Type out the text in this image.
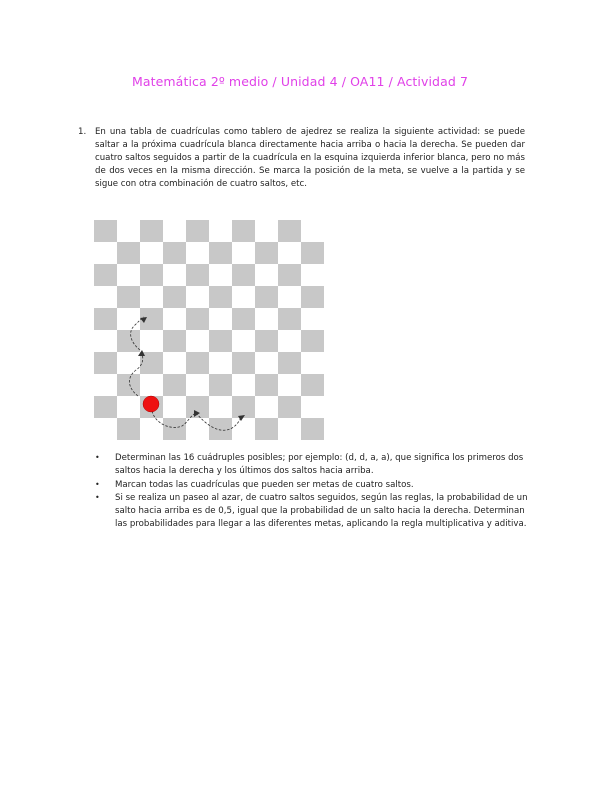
Matemática 2º medio / Unidad 4 / OA11 / Actividad 7
1. En una tabla de cuadrículas como tablero de ajedrez se realiza la siguiente actividad: se puede saltar a la próxima cuadrícula blanca directamente hacia arriba o hacia la derecha. Se pueden dar cuatro saltos seguidos a partir de la cuadrícula en la esquina izquierda inferior blanca, pero no más de dos veces en la misma dirección. Se marca la posición de la meta, se vuelve a la partida y se sigue con otra combinación de cuatro saltos, etc.
• Determinan las 16 cuádruples posibles; por ejemplo: (d, d, a, a), que significa los primeros dos saltos hacia la derecha y los últimos dos saltos hacia arriba.
• Marcan todas las cuadrículas que pueden ser metas de cuatro saltos.
• Si se realiza un paseo al azar, de cuatro saltos seguidos, según las reglas, la probabilidad de un salto hacia arriba es de 0,5, igual que la probabilidad de un salto hacia la derecha. Determinan las probabilidades para llegar a las diferentes metas, aplicando la regla multiplicativa y aditiva.
